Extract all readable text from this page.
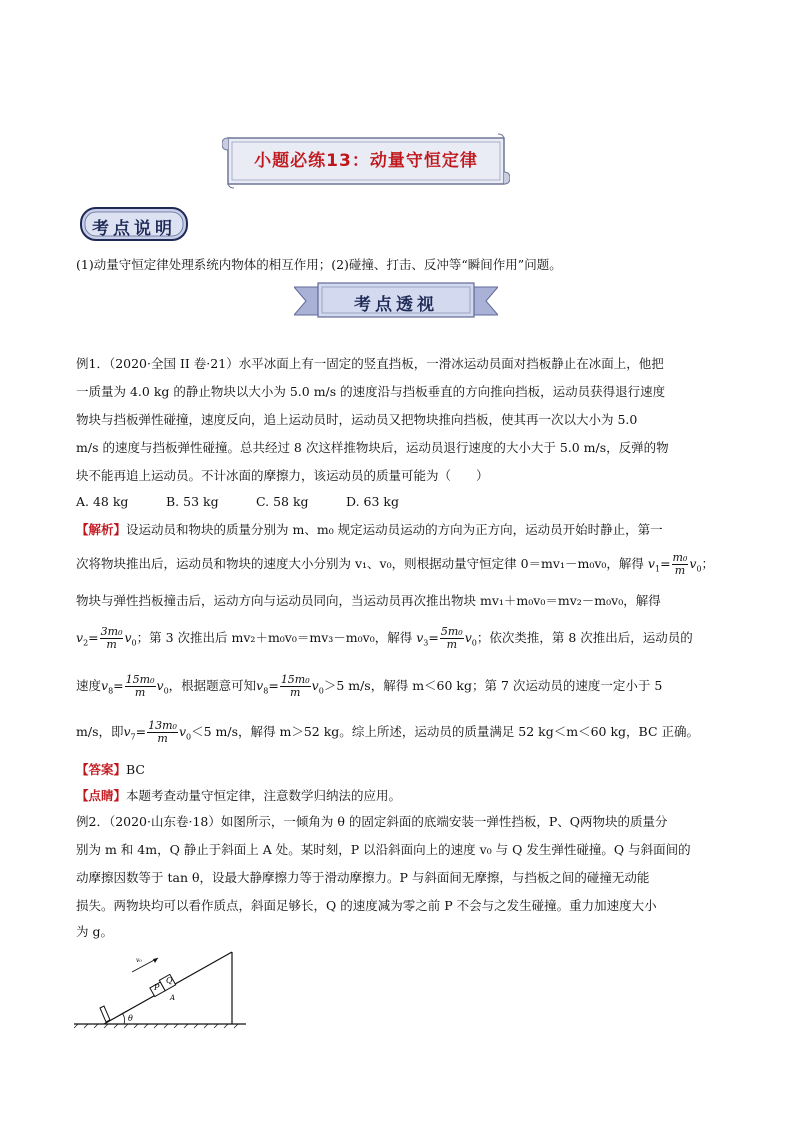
小题必练13：动量守恒定律
考点说明
(1)动量守恒定律处理系统内物体的相互作用；(2)碰撞、打击、反冲等“瞬间作用”问题。
考点透视
例1．（2020·全国 II 卷·21）水平冰面上有一固定的竖直挡板，一滑冰运动员面对挡板静止在冰面上，他把
一质量为 4.0 kg 的静止物块以大小为 5.0 m/s 的速度沿与挡板垂直的方向推向挡板，运动员获得退行速度
物块与挡板弹性碰撞，速度反向，追上运动员时，运动员又把物块推向挡板，使其再一次以大小为 5.0
m/s 的速度与挡板弹性碰撞。总共经过 8 次这样推物块后，运动员退行速度的大小大于 5.0 m/s，反弹的物
块不能再追上运动员。不计冰面的摩擦力，该运动员的质量可能为（　　）
A. 48 kg	B. 53 kg	C. 58 kg	D. 63 kg
【解析】设运动员和物块的质量分别为 m、m₀ 规定运动员运动的方向为正方向，运动员开始时静止，第一
次将物块推出后，运动员和物块的速度大小分别为 v₁、v₀，则根据动量守恒定律 0＝mv₁－m₀v₀，解得 $v_1= \frac{\text{m₀}}{m} v_0$；
物块与弹性挡板撞击后，运动方向与运动员同向，当运动员再次推出物块 mv₁＋m₀v₀＝mv₂－m₀v₀，解得
$v_2= \frac{\text{3m₀}}{m} v_0$；第 3 次推出后 mv₂＋m₀v₀＝mv₃－m₀v₀，解得 $v_3= \frac{\text{5m₀}}{m} v_0$；依次类推，第 8 次推出后，运动员的
速度$v_8= \frac{\text{15m₀}}{m} v_0$，根据题意可知$v_8= \frac{\text{15m₀}}{m} v_0>5$ m/s，解得 m＜60 kg；第 7 次运动员的速度一定小于 5
m/s，即$v_7= \frac{\text{13m₀}}{m} v_0<5$ m/s，解得 m＞52 kg。综上所述，运动员的质量满足 52 kg＜m＜60 kg，BC 正确。
【答案】BC
【点睛】本题考查动量守恒定律，注意数学归纳法的应用。
例2．（2020·山东卷·18）如图所示，一倾角为 θ 的固定斜面的底端安装一弹性挡板，P、Q两物块的质量分
别为 m 和 4m，Q 静止于斜面上 A 处。某时刻，P 以沿斜面向上的速度 v₀ 与 Q 发生弹性碰撞。Q 与斜面间的
动摩擦因数等于 tan θ，设最大静摩擦力等于滑动摩擦力。P 与斜面间无摩擦，与挡板之间的碰撞无动能
损失。两物块均可以看作质点，斜面足够长，Q 的速度减为零之前 P 不会与之发生碰撞。重力加速度大小
为 g。
P
Q
A
v₀
θ
